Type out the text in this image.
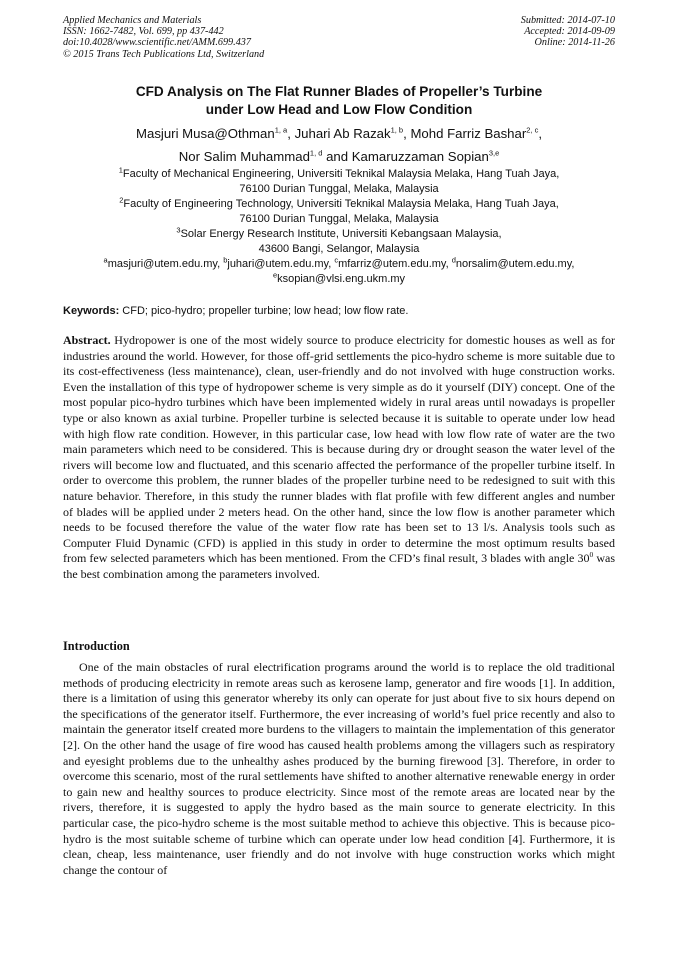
Applied Mechanics and Materials
ISSN: 1662-7482, Vol. 699, pp 437-442
doi:10.4028/www.scientific.net/AMM.699.437
© 2015 Trans Tech Publications Ltd, Switzerland
Submitted: 2014-07-10
Accepted: 2014-09-09
Online: 2014-11-26
CFD Analysis on The Flat Runner Blades of Propeller’s Turbine
under Low Head and Low Flow Condition
Masjuri Musa@Othman$^{1, a}$, Juhari Ab Razak$^{1, b}$, Mohd Farriz Bashar$^{2, c}$,
Nor Salim Muhammad$^{1, d}$ and Kamaruzzaman Sopian$^{3,e}$
$^1$Faculty of Mechanical Engineering, Universiti Teknikal Malaysia Melaka, Hang Tuah Jaya,
76100 Durian Tunggal, Melaka, Malaysia
$^2$Faculty of Engineering Technology, Universiti Teknikal Malaysia Melaka, Hang Tuah Jaya,
76100 Durian Tunggal, Melaka, Malaysia
$^3$Solar Energy Research Institute, Universiti Kebangsaan Malaysia,
43600 Bangi, Selangor, Malaysia
$^a$masjuri@utem.edu.my, $^b$juhari@utem.edu.my, $^c$mfarriz@utem.edu.my, $^d$norsalim@utem.edu.my,
$^e$ksopian@vlsi.eng.ukm.my
Keywords: CFD; pico-hydro; propeller turbine; low head; low flow rate.
Abstract. Hydropower is one of the most widely source to produce electricity for domestic houses as well as for industries around the world. However, for those off-grid settlements the pico-hydro scheme is more suitable due to its cost-effectiveness (less maintenance), clean, user-friendly and do not involved with huge construction works. Even the installation of this type of hydropower scheme is very simple as do it yourself (DIY) concept. One of the most popular pico-hydro turbines which have been implemented widely in rural areas until nowadays is propeller type or also known as axial turbine. Propeller turbine is selected because it is suitable to operate under low head with high flow rate condition. However, in this particular case, low head with low flow rate of water are the two main parameters which need to be considered. This is because during dry or drought season the water level of the rivers will become low and fluctuated, and this scenario affected the performance of the propeller turbine itself. In order to overcome this problem, the runner blades of the propeller turbine need to be redesigned to suit with this nature behavior. Therefore, in this study the runner blades with flat profile with few different angles and number of blades will be applied under 2 meters head. On the other hand, since the low flow is another parameter which needs to be focused therefore the value of the water flow rate has been set to 13 l/s. Analysis tools such as Computer Fluid Dynamic (CFD) is applied in this study in order to determine the most optimum results based from few selected parameters which has been mentioned. From the CFD’s final result, 3 blades with angle $30^0$ was the best combination among the parameters involved.
Introduction
One of the main obstacles of rural electrification programs around the world is to replace the old traditional methods of producing electricity in remote areas such as kerosene lamp, generator and fire woods [1]. In addition, there is a limitation of using this generator whereby its only can operate for just about five to six hours depend on the specifications of the generator itself. Furthermore, the ever increasing of world’s fuel price recently and also to maintain the generator itself created more burdens to the villagers to maintain the implementation of this generator [2]. On the other hand the usage of fire wood has caused health problems among the villagers such as respiratory and eyesight problems due to the unhealthy ashes produced by the burning firewood [3]. Therefore, in order to overcome this scenario, most of the rural settlements have shifted to another alternative renewable energy in order to gain new and healthy sources to produce electricity. Since most of the remote areas are located near by the rivers, therefore, it is suggested to apply the hydro based as the main source to generate electricity. In this particular case, the pico-hydro scheme is the most suitable method to achieve this objective. This is because pico-hydro is the most suitable scheme of turbine which can operate under low head condition [4]. Furthermore, it is clean, cheap, less maintenance, user friendly and do not involve with huge construction works which might change the contour of
